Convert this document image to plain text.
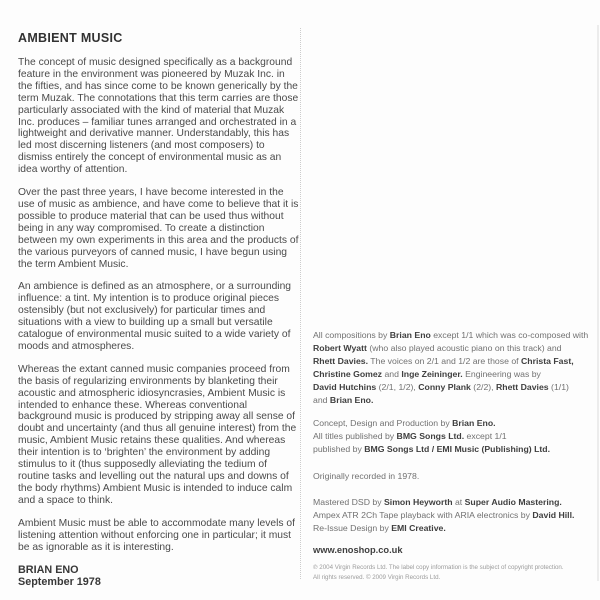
AMBIENT MUSIC

The concept of music designed specifically as a background feature in the environment was pioneered by Muzak Inc. in the fifties, and has since come to be known generically by the term Muzak. The connotations that this term carries are those particularly associated with the kind of material that Muzak Inc. produces – familiar tunes arranged and orchestrated in a lightweight and derivative manner. Understandably, this has led most discerning listeners (and most composers) to dismiss entirely the concept of environmental music as an idea worthy of attention.

Over the past three years, I have become interested in the use of music as ambience, and have come to believe that it is possible to produce material that can be used thus without being in any way compromised. To create a distinction between my own experiments in this area and the products of the various purveyors of canned music, I have begun using the term Ambient Music.

An ambience is defined as an atmosphere, or a surrounding influence: a tint. My intention is to produce original pieces ostensibly (but not exclusively) for particular times and situations with a view to building up a small but versatile catalogue of environmental music suited to a wide variety of moods and atmospheres.

Whereas the extant canned music companies proceed from the basis of regularizing environments by blanketing their acoustic and atmospheric idiosyncrasies, Ambient Music is intended to enhance these. Whereas conventional background music is produced by stripping away all sense of doubt and uncertainty (and thus all genuine interest) from the music, Ambient Music retains these qualities. And whereas their intention is to ‘brighten’ the environment by adding stimulus to it (thus supposedly alleviating the tedium of routine tasks and levelling out the natural ups and downs of the body rhythms) Ambient Music is intended to induce calm and a space to think.

Ambient Music must be able to accommodate many levels of listening attention without enforcing one in particular; it must be as ignorable as it is interesting.

BRIAN ENO
September 1978
All compositions by Brian Eno except 1/1 which was co-composed with
Robert Wyatt (who also played acoustic piano on this track) and
Rhett Davies. The voices on 2/1 and 1/2 are those of Christa Fast,
Christine Gomez and Inge Zeininger. Engineering was by
David Hutchins (2/1, 1/2), Conny Plank (2/2), Rhett Davies (1/1)
and Brian Eno.
Concept, Design and Production by Brian Eno.
All titles published by BMG Songs Ltd. except 1/1
published by BMG Songs Ltd / EMI Music (Publishing) Ltd.
Originally recorded in 1978.
Mastered DSD by Simon Heyworth at Super Audio Mastering.
Ampex ATR 2Ch Tape playback with ARIA electronics by David Hill.
Re-Issue Design by EMI Creative.
www.enoshop.co.uk
℗ 2004 Virgin Records Ltd. The label copy information is the subject of copyright protection.
All rights reserved. © 2009 Virgin Records Ltd.
